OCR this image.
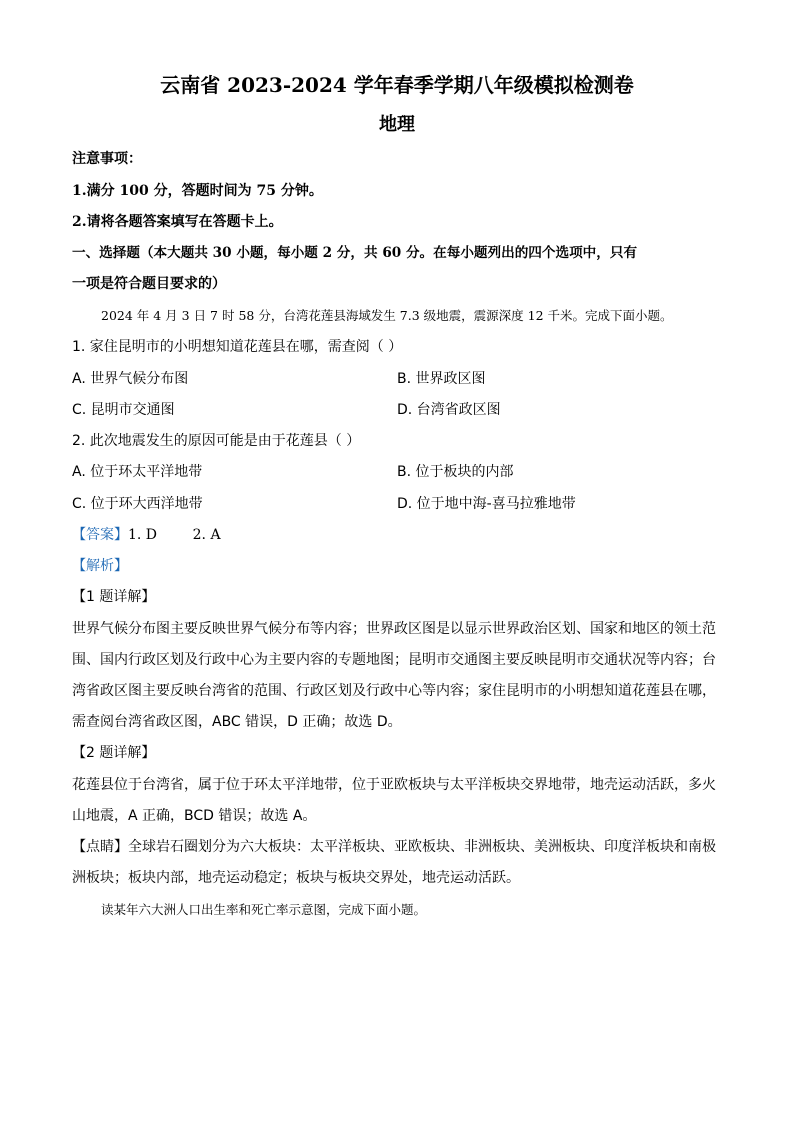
云南省 2023-2024 学年春季学期八年级模拟检测卷
地理
注意事项：
1.满分 100 分，答题时间为 75 分钟。
2.请将各题答案填写在答题卡上。
一、选择题（本大题共 30 小题，每小题 2 分，共 60 分。在每小题列出的四个选项中，只有
一项是符合题目要求的）
2024 年 4 月 3 日 7 时 58 分，台湾花莲县海域发生 7.3 级地震，震源深度 12 千米。完成下面小题。
1. 家住昆明市的小明想知道花莲县在哪，需查阅（ ）
A. 世界气候分布图	B. 世界政区图
C. 昆明市交通图	D. 台湾省政区图
2. 此次地震发生的原因可能是由于花莲县（ ）
A. 位于环太平洋地带	B. 位于板块的内部
C. 位于环大西洋地带	D. 位于地中海-喜马拉雅地带
【答案】1. D        2. A
【解析】
【1 题详解】
世界气候分布图主要反映世界气候分布等内容；世界政区图是以显示世界政治区划、国家和地区的领土范
围、国内行政区划及行政中心为主要内容的专题地图；昆明市交通图主要反映昆明市交通状况等内容；台
湾省政区图主要反映台湾省的范围、行政区划及行政中心等内容；家住昆明市的小明想知道花莲县在哪，
需查阅台湾省政区图，ABC 错误，D 正确；故选 D。
【2 题详解】
花莲县位于台湾省，属于位于环太平洋地带，位于亚欧板块与太平洋板块交界地带，地壳运动活跃，多火
山地震，A 正确，BCD 错误；故选 A。
【点睛】全球岩石圈划分为六大板块：太平洋板块、亚欧板块、非洲板块、美洲板块、印度洋板块和南极
洲板块；板块内部，地壳运动稳定；板块与板块交界处，地壳运动活跃。
读某年六大洲人口出生率和死亡率示意图，完成下面小题。
